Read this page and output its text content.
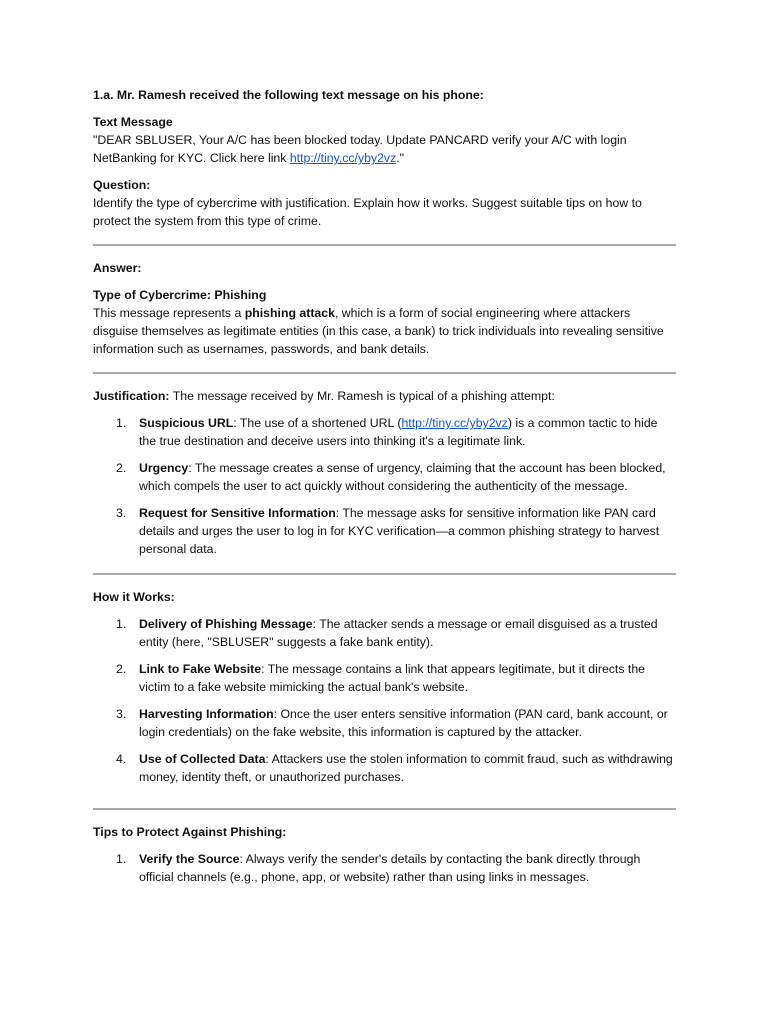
1.a. Mr. Ramesh received the following text message on his phone:

Text Message

"DEAR SBLUSER, Your A/C has been blocked today. Update PANCARD verify your A/C with login NetBanking for KYC. Click here link http://tiny.cc/yby2vz."

Question:

Identify the type of cybercrime with justification. Explain how it works. Suggest suitable tips on how to protect the system from this type of crime.

Answer:

Type of Cybercrime: Phishing

This message represents a phishing attack, which is a form of social engineering where attackers disguise themselves as legitimate entities (in this case, a bank) to trick individuals into revealing sensitive information such as usernames, passwords, and bank details.

Justification: The message received by Mr. Ramesh is typical of a phishing attempt:

1. Suspicious URL: The use of a shortened URL (http://tiny.cc/yby2vz) is a common tactic to hide the true destination and deceive users into thinking it's a legitimate link.
2. Urgency: The message creates a sense of urgency, claiming that the account has been blocked, which compels the user to act quickly without considering the authenticity of the message.
3. Request for Sensitive Information: The message asks for sensitive information like PAN card details and urges the user to log in for KYC verification—a common phishing strategy to harvest personal data.

How it Works:

1. Delivery of Phishing Message: The attacker sends a message or email disguised as a trusted entity (here, "SBLUSER" suggests a fake bank entity).
2. Link to Fake Website: The message contains a link that appears legitimate, but it directs the victim to a fake website mimicking the actual bank's website.
3. Harvesting Information: Once the user enters sensitive information (PAN card, bank account, or login credentials) on the fake website, this information is captured by the attacker.
4. Use of Collected Data: Attackers use the stolen information to commit fraud, such as withdrawing money, identity theft, or unauthorized purchases.

Tips to Protect Against Phishing:

1. Verify the Source: Always verify the sender's details by contacting the bank directly through official channels (e.g., phone, app, or website) rather than using links in messages.
